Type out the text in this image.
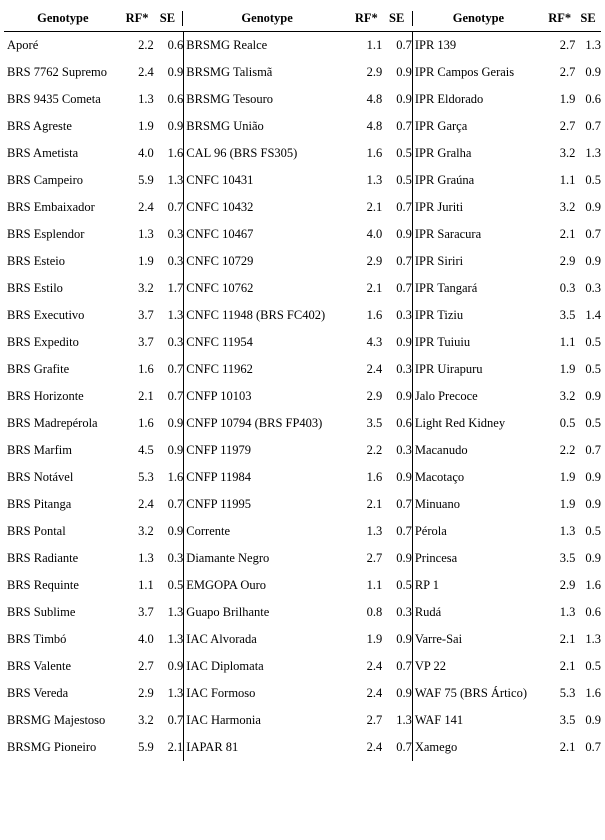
Genotype	RF* SE	Genotype	RF* SE	Genotype	RF* SE
Aporé	2.2	0.6 BRSMG Realce	1.1	0.7 IPR 139	2.7 1.3
BRS 7762 Supremo	2.4	0.9 BRSMG Talismã	2.9	0.9 IPR Campos Gerais	2.7 0.9
BRS 9435 Cometa	1.3	0.6 BRSMG Tesouro	4.8	0.9 IPR Eldorado	1.9 0.6
BRS Agreste	1.9	0.9 BRSMG União	4.8	0.7 IPR Garça	2.7 0.7
BRS Ametista	4.0	1.6 CAL 96 (BRS FS305)	1.6	0.5 IPR Gralha	3.2 1.3
BRS Campeiro	5.9	1.3 CNFC 10431	1.3	0.5 IPR Graúna	1.1 0.5
BRS Embaixador	2.4	0.7 CNFC 10432	2.1	0.7 IPR Juriti	3.2 0.9
BRS Esplendor	1.3	0.3 CNFC 10467	4.0	0.9 IPR Saracura	2.1 0.7
BRS Esteio	1.9	0.3 CNFC 10729	2.9	0.7 IPR Siriri	2.9 0.9
BRS Estilo	3.2	1.7 CNFC 10762	2.1	0.7 IPR Tangará	0.3 0.3
BRS Executivo	3.7	1.3 CNFC 11948 (BRS FC402)	1.6	0.3 IPR Tiziu	3.5 1.4
BRS Expedito	3.7	0.3 CNFC 11954	4.3	0.9 IPR Tuiuiu	1.1 0.5
BRS Grafite	1.6	0.7 CNFC 11962	2.4	0.3 IPR Uirapuru	1.9 0.5
BRS Horizonte	2.1	0.7 CNFP 10103	2.9	0.9 Jalo Precoce	3.2 0.9
BRS Madrepérola	1.6	0.9 CNFP 10794 (BRS FP403)	3.5	0.6 Light Red Kidney	0.5 0.5
BRS Marfim	4.5	0.9 CNFP 11979	2.2	0.3 Macanudo	2.2 0.7
BRS Notável	5.3	1.6 CNFP 11984	1.6	0.9 Macotaço	1.9 0.9
BRS Pitanga	2.4	0.7 CNFP 11995	2.1	0.7 Minuano	1.9 0.9
BRS Pontal	3.2	0.9 Corrente	1.3	0.7 Pérola	1.3 0.5
BRS Radiante	1.3	0.3 Diamante Negro	2.7	0.9 Princesa	3.5 0.9
BRS Requinte	1.1	0.5 EMGOPA Ouro	1.1	0.5 RP 1	2.9 1.6
BRS Sublime	3.7	1.3 Guapo Brilhante	0.8	0.3 Rudá	1.3 0.6
BRS Timbó	4.0	1.3 IAC Alvorada	1.9	0.9 Varre-Sai	2.1 1.3
BRS Valente	2.7	0.9 IAC Diplomata	2.4	0.7 VP 22	2.1 0.5
BRS Vereda	2.9	1.3 IAC Formoso	2.4	0.9 WAF 75 (BRS Ártico)	5.3 1.6
BRSMG Majestoso	3.2	0.7 IAC Harmonia	2.7	1.3 WAF 141	3.5 0.9
BRSMG Pioneiro	5.9	2.1 IAPAR 81	2.4	0.7 Xamego	2.1 0.7
